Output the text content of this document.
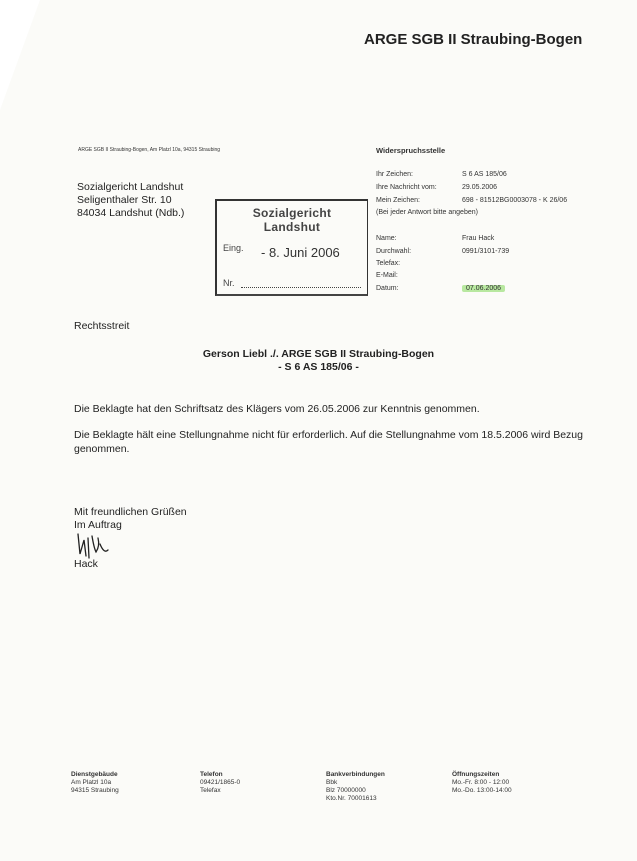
ARGE SGB II Straubing-Bogen
ARGE SGB II Straubing-Bogen, Am Platzl 10a, 94315 Straubing
Sozialgericht Landshut
Seligenthaler Str. 10
84034 Landshut (Ndb.)	Sozialgericht
Landshut
Eing. - 8. Juni 2006
Nr.
Widerspruchsstelle
Ihr Zeichen:	S 6 AS 185/06
Ihre Nachricht vom:	29.05.2006
Mein Zeichen:	698 - 81512BG0003078 - K 26/06
(Bei jeder Antwort bitte angeben)
Name:	Frau Hack
Durchwahl:	0991/3101-739
Telefax:
E-Mail:
Datum:	07.06.2006
Rechtsstreit
Gerson Liebl ./. ARGE SGB II Straubing-Bogen
- S 6 AS 185/06 -
Die Beklagte hat den Schriftsatz des Klägers vom 26.05.2006 zur Kenntnis genommen.
Die Beklagte hält eine Stellungnahme nicht für erforderlich. Auf die Stellungnahme vom 18.5.2006 wird Bezug genommen.
Mit freundlichen Grüßen
Im Auftrag
Hack
Dienstgebäude
Am Platzl 10a
94315 Straubing
Telefon
09421/1865-0
Telefax
Bankverbindungen
Bbk
Blz 70000000
Kto.Nr. 70001613
Öffnungszeiten
Mo.-Fr. 8:00 - 12:00
Mo.-Do. 13:00-14:00
